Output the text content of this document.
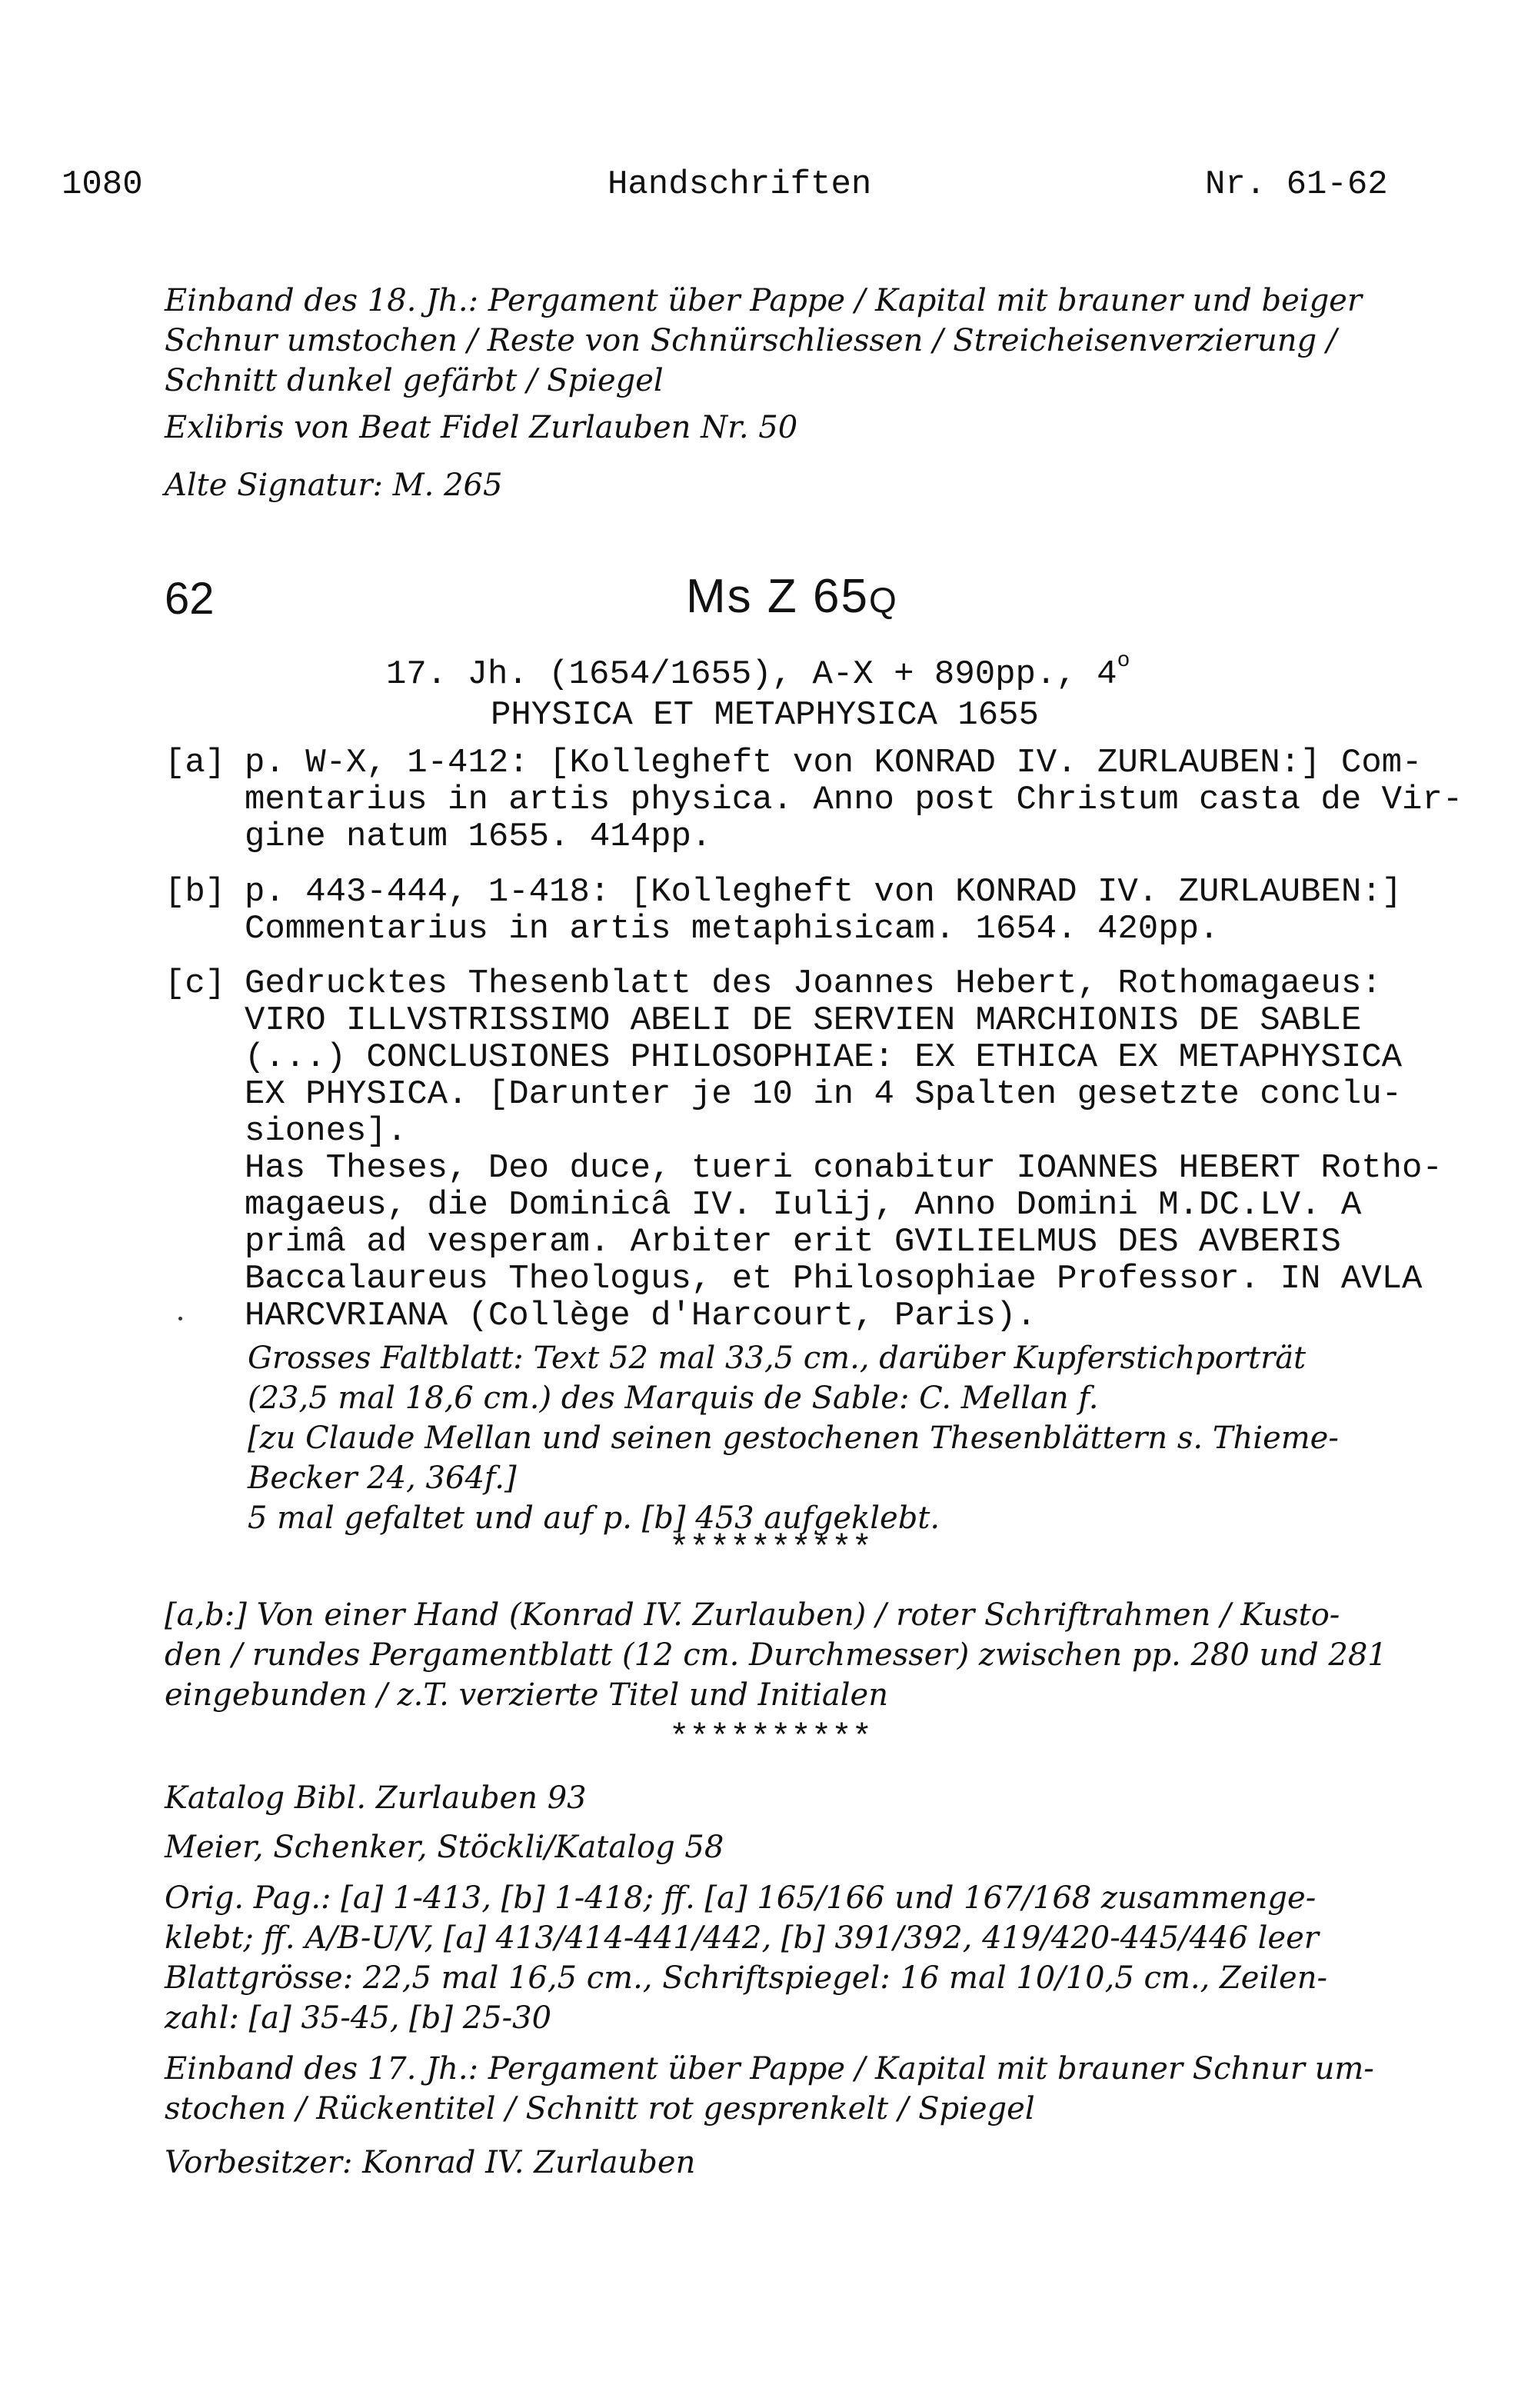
1080	Handschriften	Nr. 61-62
Einband des 18. Jh.: Pergament über Pappe / Kapital mit brauner und beiger
Schnur umstochen / Reste von Schnürschliessen / Streicheisenverzierung /
Schnitt dunkel gefärbt / Spiegel
Exlibris von Beat Fidel Zurlauben Nr. 50
Alte Signatur: M. 265
62	Ms Z 65Q
17. Jh. (1654/1655), A-X + 890pp., 4$^o$
PHYSICA ET METAPHYSICA 1655
[a] p. W-X, 1-412: [Kollegheft von KONRAD IV. ZURLAUBEN:] Com-
mentarius in artis physica. Anno post Christum casta de Vir-
gine natum 1655. 414pp.
[b] p. 443-444, 1-418: [Kollegheft von KONRAD IV. ZURLAUBEN:]
Commentarius in artis metaphisicam. 1654. 420pp.
[c] Gedrucktes Thesenblatt des Joannes Hebert, Rothomagaeus:
VIRO ILLVSTRISSIMO ABELI DE SERVIEN MARCHIONIS DE SABLE
(...) CONCLUSIONES PHILOSOPHIAE: EX ETHICA EX METAPHYSICA
EX PHYSICA. [Darunter je 10 in 4 Spalten gesetzte conclu-
siones].
Has Theses, Deo duce, tueri conabitur IOANNES HEBERT Rotho-
magaeus, die Dominicâ IV. Iulij, Anno Domini M.DC.LV. A
primâ ad vesperam. Arbiter erit GVILIELMUS DES AVBERIS
Baccalaureus Theologus, et Philosophiae Professor. IN AVLA
HARCVRIANA (Collège d'Harcourt, Paris).
Grosses Faltblatt: Text 52 mal 33,5 cm., darüber Kupferstichporträt
(23,5 mal 18,6 cm.) des Marquis de Sable: C. Mellan f.
[zu Claude Mellan und seinen gestochenen Thesenblättern s. Thieme-
Becker 24, 364f.]
5 mal gefaltet und auf p. [b] 453 aufgeklebt.
**********
[a,b:] Von einer Hand (Konrad IV. Zurlauben) / roter Schriftrahmen / Kusto-
den / rundes Pergamentblatt (12 cm. Durchmesser) zwischen pp. 280 und 281
eingebunden / z.T. verzierte Titel und Initialen
**********
Katalog Bibl. Zurlauben 93
Meier, Schenker, Stöckli/Katalog 58
Orig. Pag.: [a] 1-413, [b] 1-418; ff. [a] 165/166 und 167/168 zusammenge-
klebt; ff. A/B-U/V, [a] 413/414-441/442, [b] 391/392, 419/420-445/446 leer
Blattgrösse: 22,5 mal 16,5 cm., Schriftspiegel: 16 mal 10/10,5 cm., Zeilen-
zahl: [a] 35-45, [b] 25-30
Einband des 17. Jh.: Pergament über Pappe / Kapital mit brauner Schnur um-
stochen / Rückentitel / Schnitt rot gesprenkelt / Spiegel
Vorbesitzer: Konrad IV. Zurlauben
